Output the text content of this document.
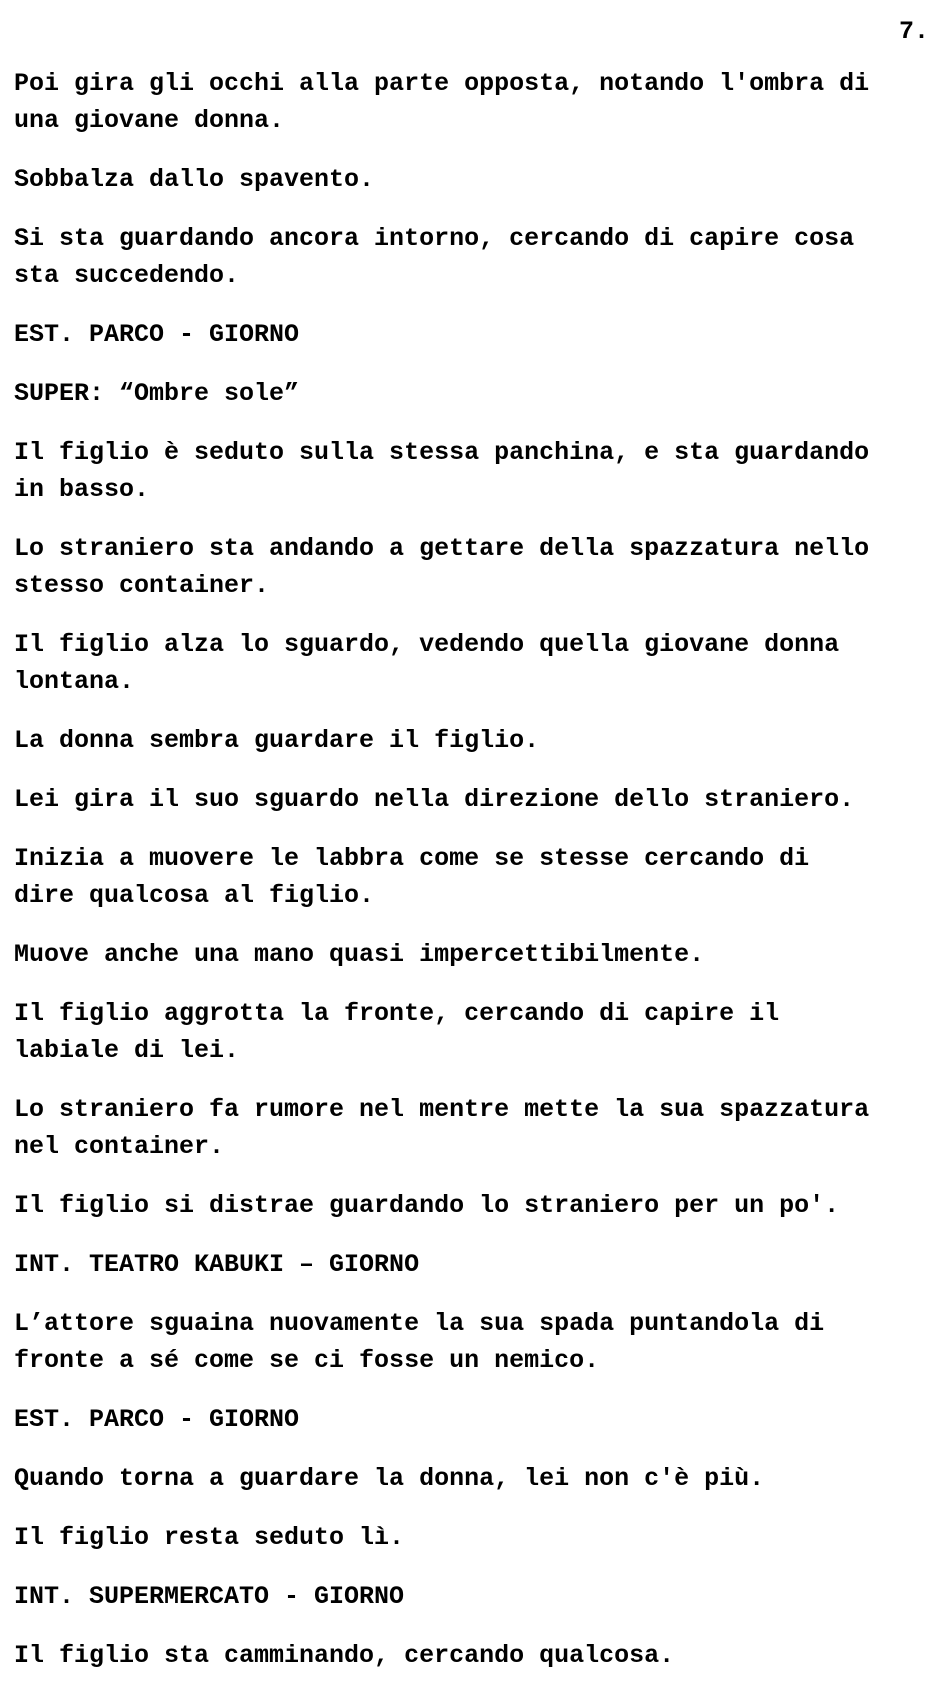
7.

Poi gira gli occhi alla parte opposta, notando l'ombra di
una giovane donna.

Sobbalza dallo spavento.

Si sta guardando ancora intorno, cercando di capire cosa
sta succedendo.

EST. PARCO - GIORNO

SUPER: “Ombre sole”

Il figlio è seduto sulla stessa panchina, e sta guardando
in basso.

Lo straniero sta andando a gettare della spazzatura nello
stesso container.

Il figlio alza lo sguardo, vedendo quella giovane donna
lontana.

La donna sembra guardare il figlio.

Lei gira il suo sguardo nella direzione dello straniero.

Inizia a muovere le labbra come se stesse cercando di
dire qualcosa al figlio.

Muove anche una mano quasi impercettibilmente.

Il figlio aggrotta la fronte, cercando di capire il
labiale di lei.

Lo straniero fa rumore nel mentre mette la sua spazzatura
nel container.

Il figlio si distrae guardando lo straniero per un po'.

INT. TEATRO KABUKI – GIORNO

L’attore sguaina nuovamente la sua spada puntandola di
fronte a sé come se ci fosse un nemico.

EST. PARCO - GIORNO

Quando torna a guardare la donna, lei non c'è più.

Il figlio resta seduto lì.

INT. SUPERMERCATO - GIORNO

Il figlio sta camminando, cercando qualcosa.
